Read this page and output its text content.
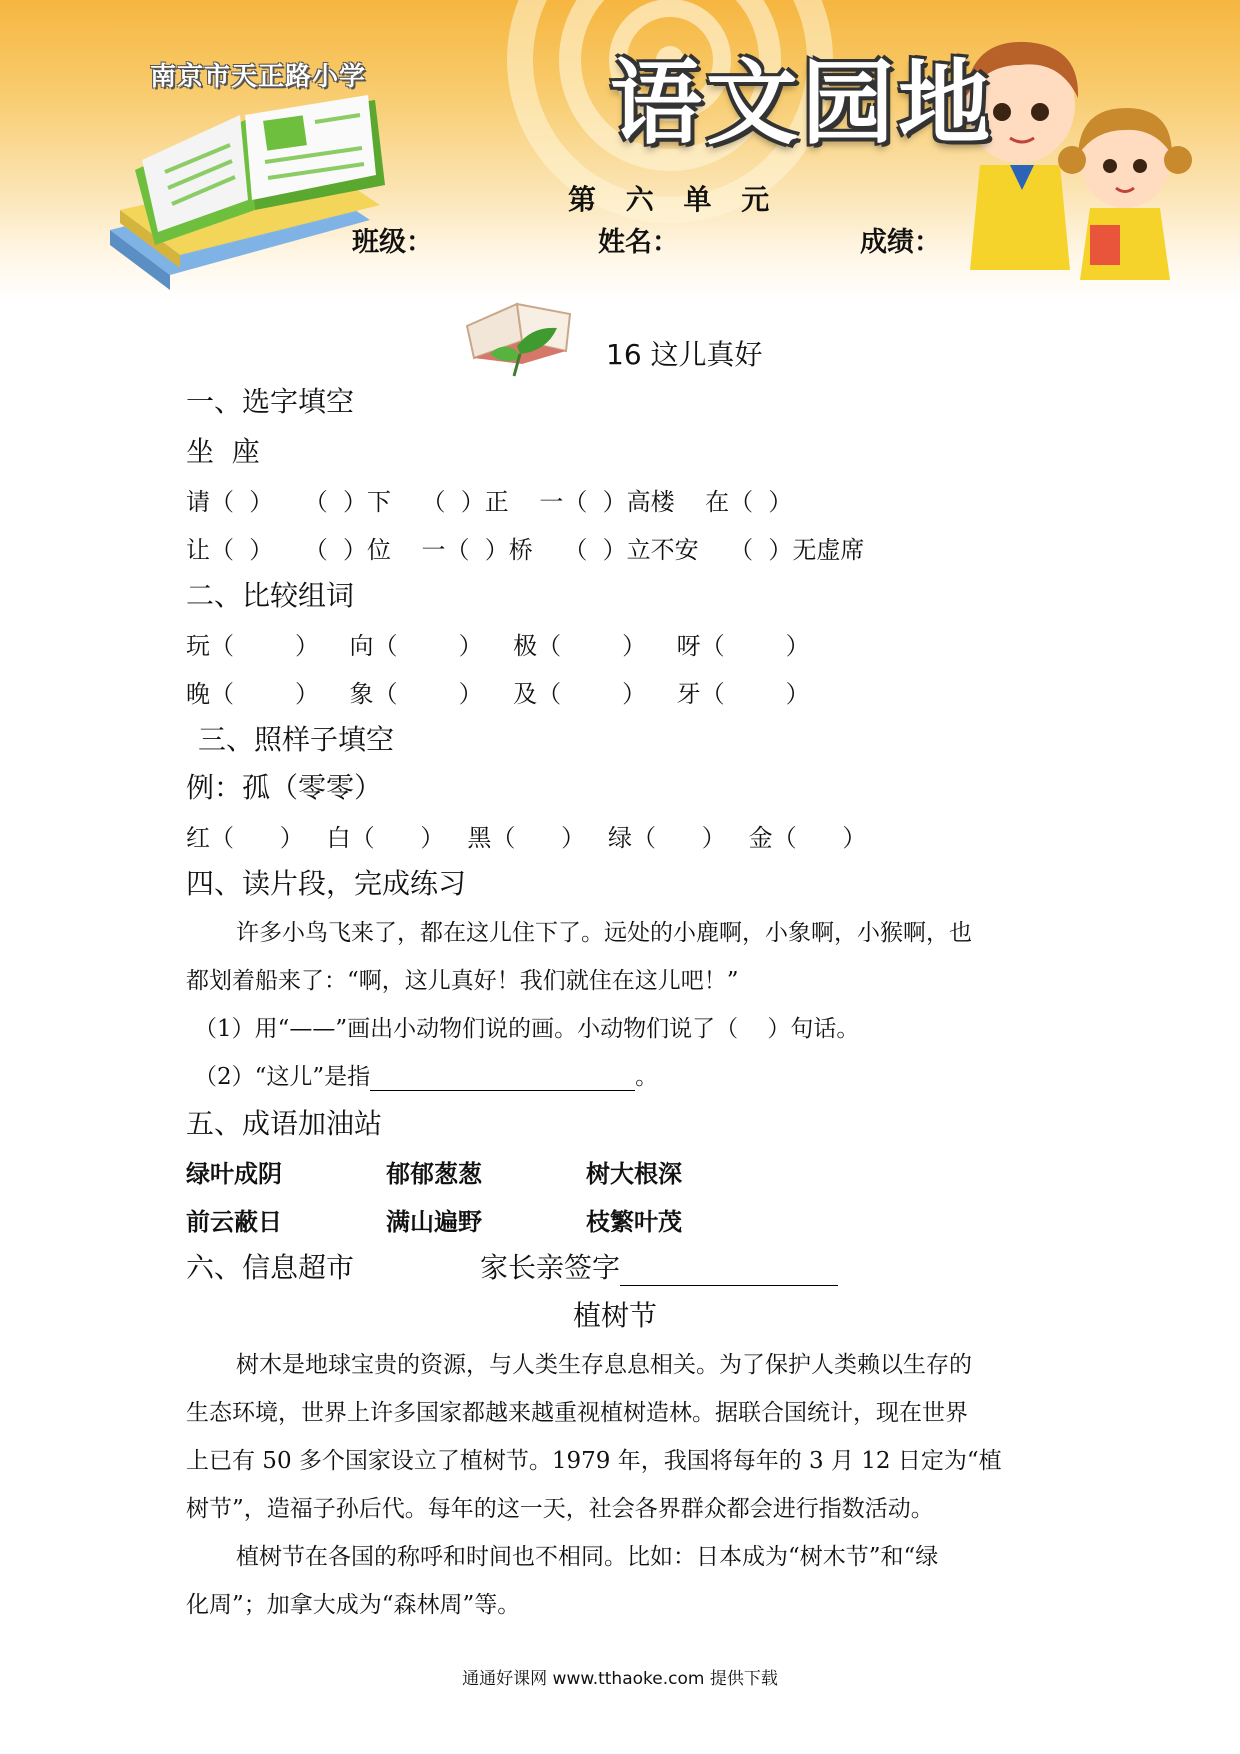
南京市天正路小学	语文园地
第 六 单 元
班级：	姓名：	成绩：
16 这儿真好
一、选字填空
坐  座
请（  ）    （  ）下    （  ）正    一（  ）高楼    在（  ）
让（  ）    （  ）位    一（  ）桥    （  ）立不安    （  ）无虚席
二、比较组词
玩（        ）    向（        ）    极（        ）    呀（        ）
晚（        ）    象（        ）    及（        ）    牙（        ）
三、照样子填空
例：孤（零零）
红（      ）   白（      ）   黑（      ）   绿（      ）   金（      ）
四、读片段，完成练习
许多小鸟飞来了，都在这儿住下了。远处的小鹿啊，小象啊，小猴啊，也
都划着船来了：“啊，这儿真好！我们就住在这儿吧！”
（1）用“——”画出小动物们说的画。小动物们说了（    ）句话。
（2）“这儿”是指	。
五、成语加油站
绿叶成阴	郁郁葱葱	树大根深
前云蔽日	满山遍野	枝繁叶茂
六、信息超市	家长亲签字
植树节
树木是地球宝贵的资源，与人类生存息息相关。为了保护人类赖以生存的
生态环境，世界上许多国家都越来越重视植树造林。据联合国统计，现在世界
上已有 50 多个国家设立了植树节。1979 年，我国将每年的 3 月 12 日定为“植
树节”，造福子孙后代。每年的这一天，社会各界群众都会进行指数活动。
植树节在各国的称呼和时间也不相同。比如：日本成为“树木节”和“绿
化周”；加拿大成为“森林周”等。
通通好课网 www.tthaoke.com 提供下载
